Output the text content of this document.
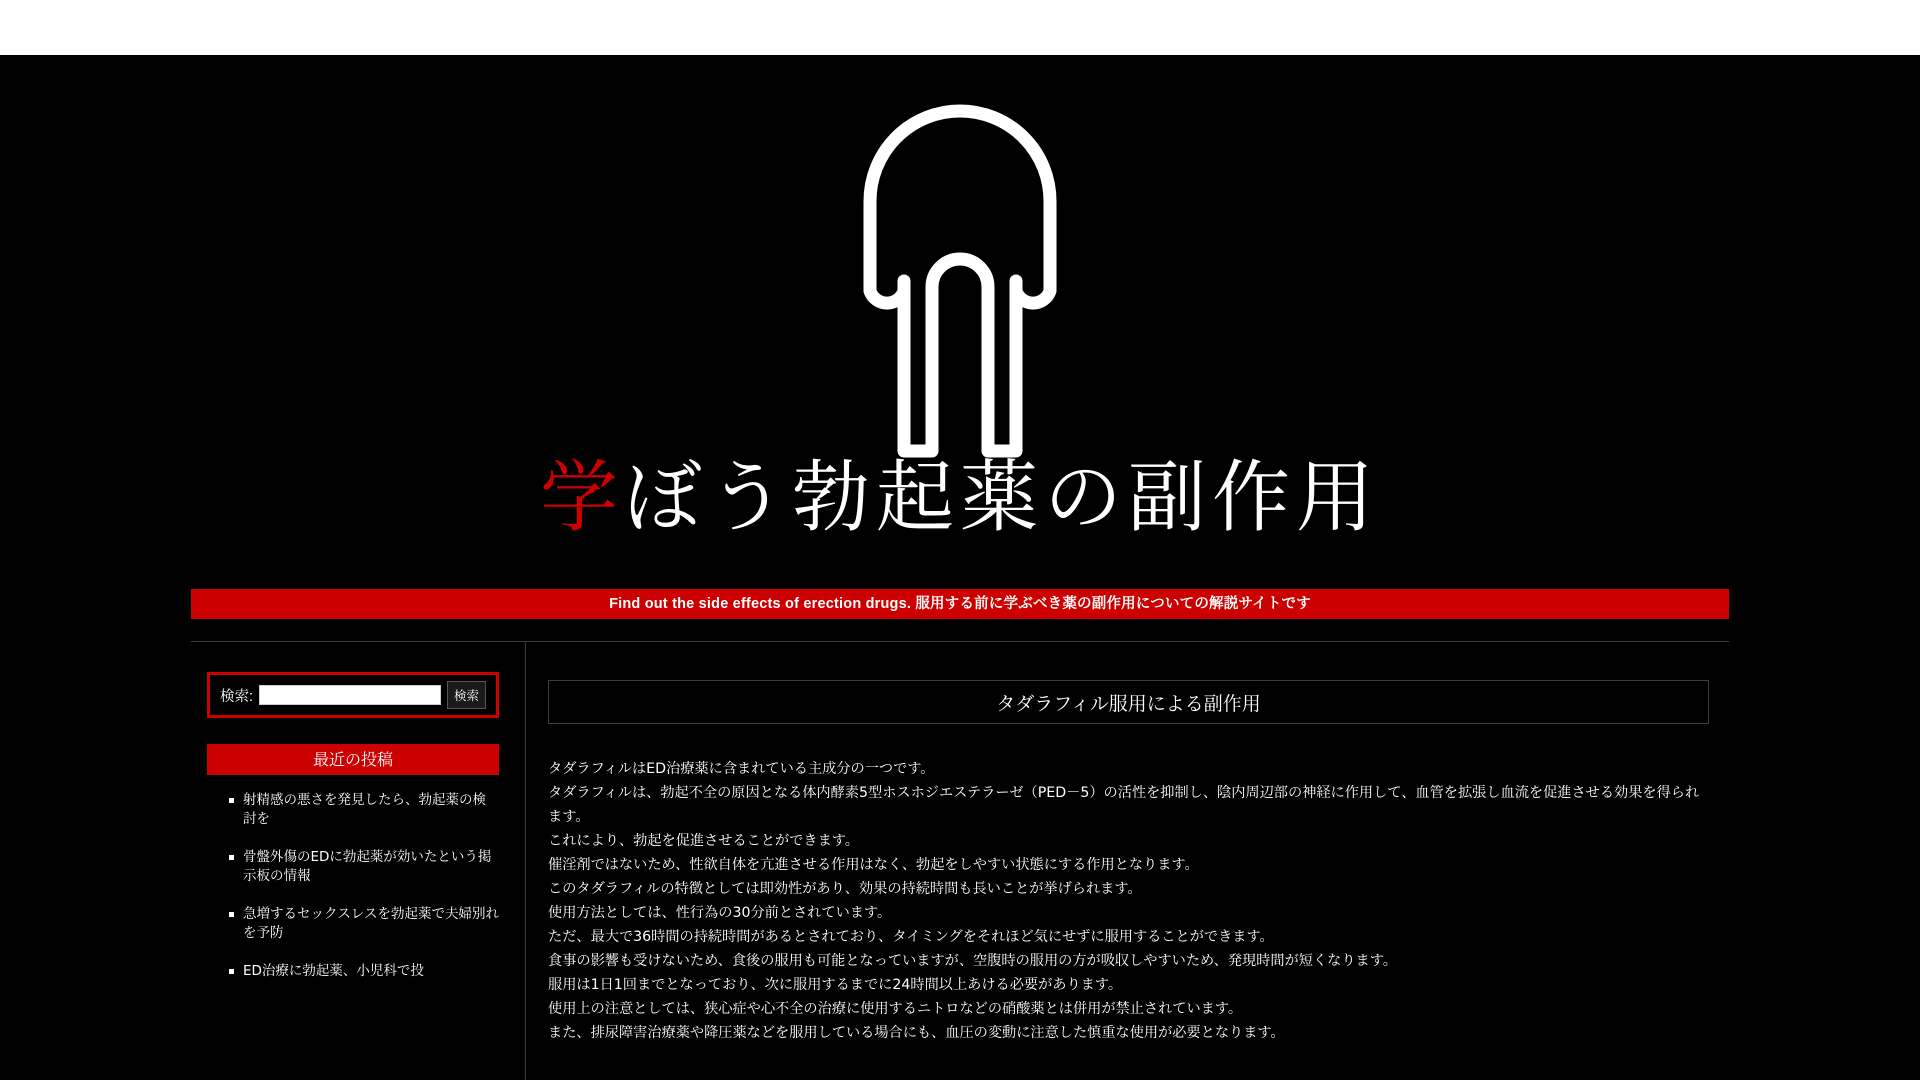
学ぼう勃起薬の副作用
Find out the side effects of erection drugs. 服用する前に学ぶべき薬の副作用についての解説サイトです
検索:	検索
最近の投稿
射精感の悪さを発見したら、勃起薬の検討を
骨盤外傷のEDに勃起薬が効いたという掲示板の情報
急増するセックスレスを勃起薬で夫婦別れを予防
ED治療に勃起薬、小児科で投
タダラフィル服用による副作用

タダラフィルはED治療薬に含まれている主成分の一つです。

タダラフィルは、勃起不全の原因となる体内酵素5型ホスホジエステラーゼ（PED－5）の活性を抑制し、陰内周辺部の神経に作用して、血管を拡張し血流を促進させる効果を得られます。

これにより、勃起を促進させることができます。

催淫剤ではないため、性欲自体を亢進させる作用はなく、勃起をしやすい状態にする作用となります。

このタダラフィルの特徴としては即効性があり、効果の持続時間も長いことが挙げられます。

使用方法としては、性行為の30分前とされています。

ただ、最大で36時間の持続時間があるとされており、タイミングをそれほど気にせずに服用することができます。

食事の影響も受けないため、食後の服用も可能となっていますが、空腹時の服用の方が吸収しやすいため、発現時間が短くなります。

服用は1日1回までとなっており、次に服用するまでに24時間以上あける必要があります。

使用上の注意としては、狭心症や心不全の治療に使用するニトロなどの硝酸薬とは併用が禁止されています。

また、排尿障害治療薬や降圧薬などを服用している場合にも、血圧の変動に注意した慎重な使用が必要となります。
